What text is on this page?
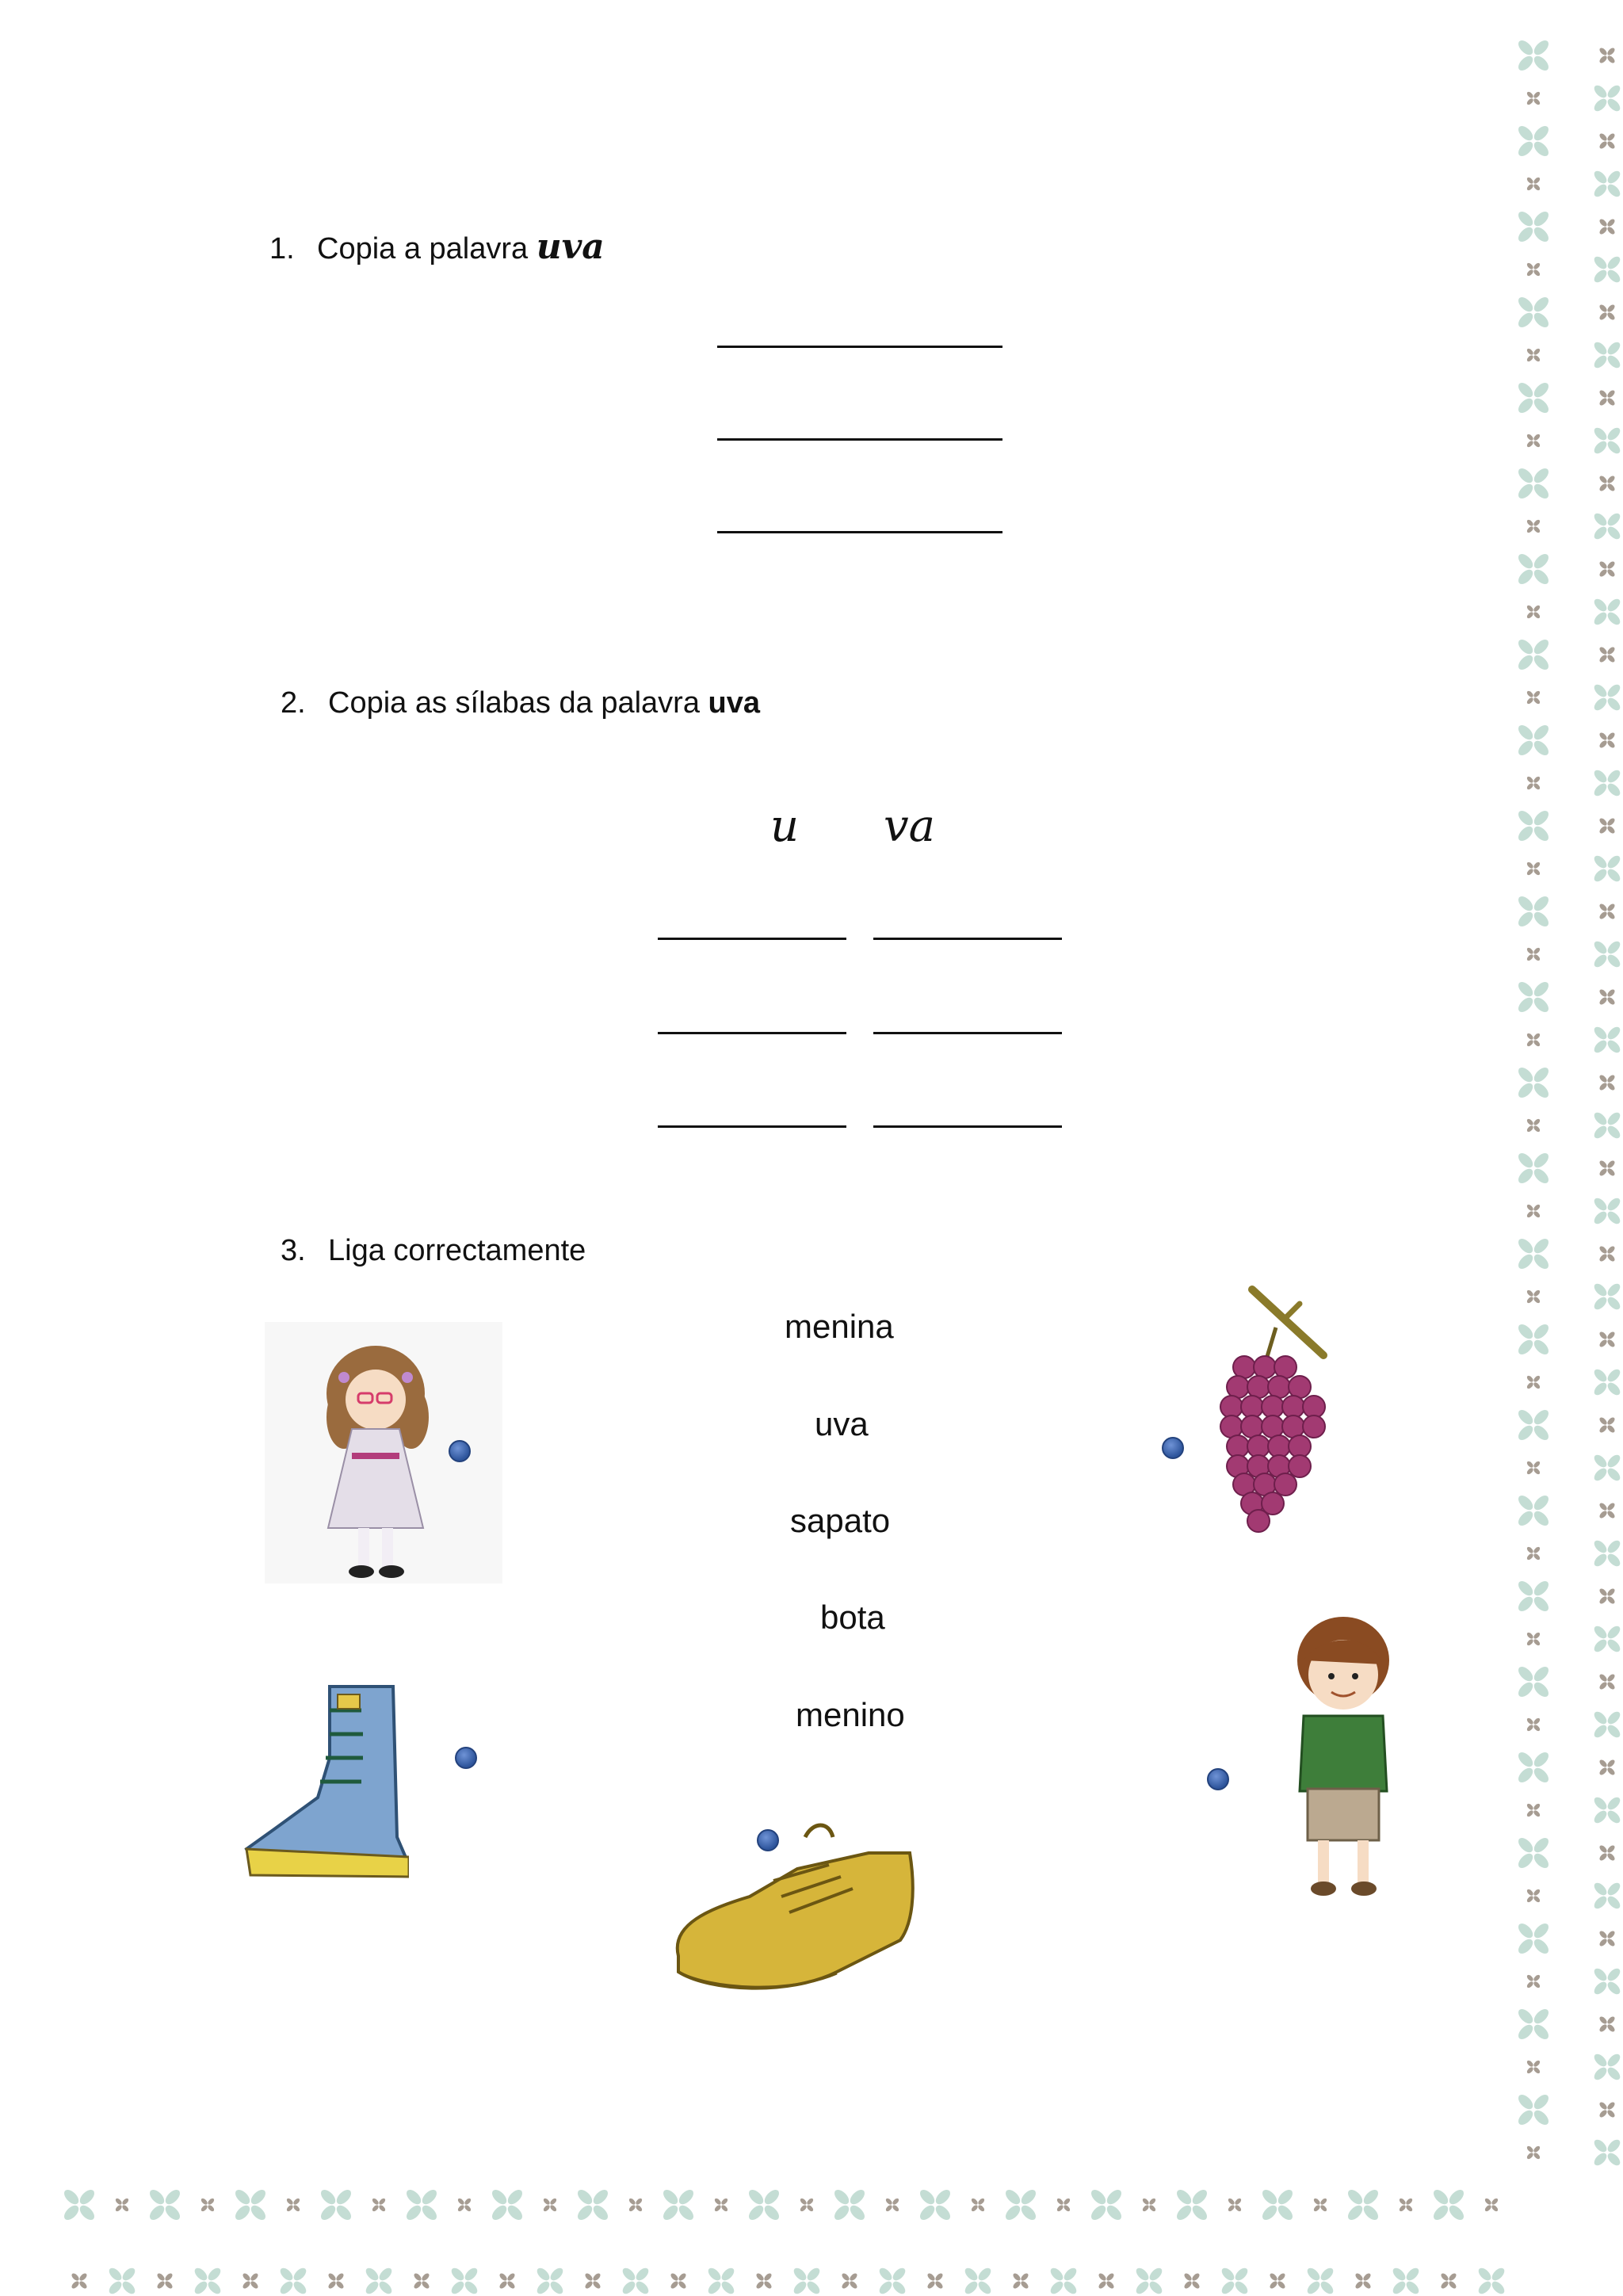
1. Copia a palavra uva
2. Copia as sílabas da palavra uva
u va
3. Liga correctamente
menina
uva
sapato
bota
menino
